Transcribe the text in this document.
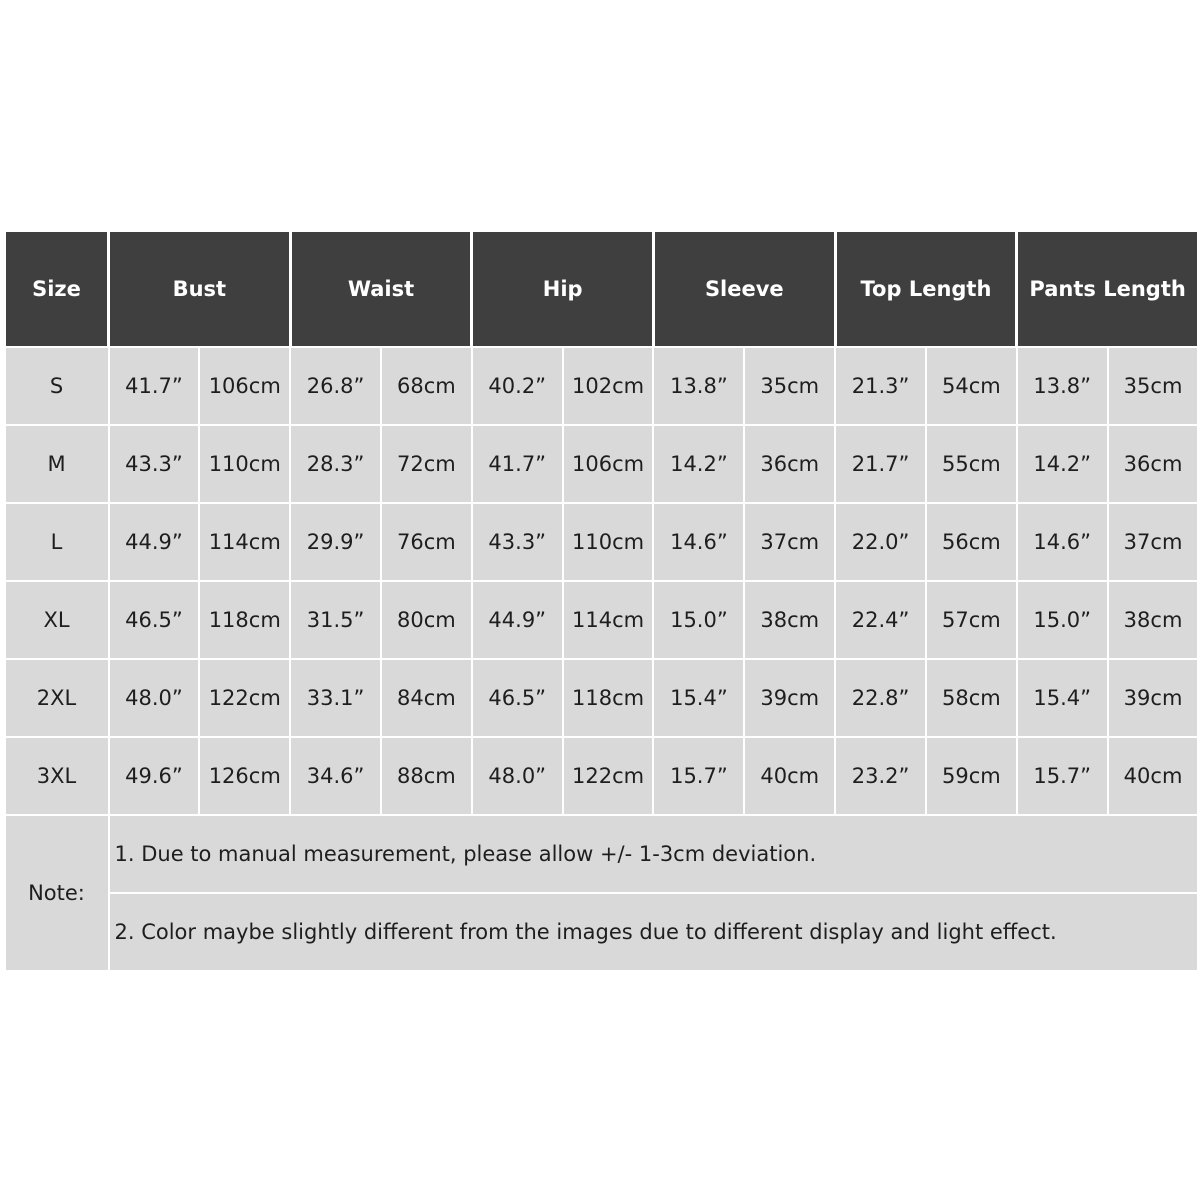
Size	Bust		Waist		Hip		Sleeve		Top Length		Pants Length	
S	41.7”	106cm	26.8”	68cm	40.2”	102cm	13.8”	35cm	21.3”	54cm	13.8”	35cm
M	43.3”	110cm	28.3”	72cm	41.7”	106cm	14.2”	36cm	21.7”	55cm	14.2”	36cm
L	44.9”	114cm	29.9”	76cm	43.3”	110cm	14.6”	37cm	22.0”	56cm	14.6”	37cm
XL	46.5”	118cm	31.5”	80cm	44.9”	114cm	15.0”	38cm	22.4”	57cm	15.0”	38cm
2XL	48.0”	122cm	33.1”	84cm	46.5”	118cm	15.4”	39cm	22.8”	58cm	15.4”	39cm
3XL	49.6”	126cm	34.6”	88cm	48.0”	122cm	15.7”	40cm	23.2”	59cm	15.7”	40cm
Note:	1. Due to manual measurement, please allow +/- 1-3cm deviation.											
	2. Color maybe slightly different from the images due to different display and light effect.											
